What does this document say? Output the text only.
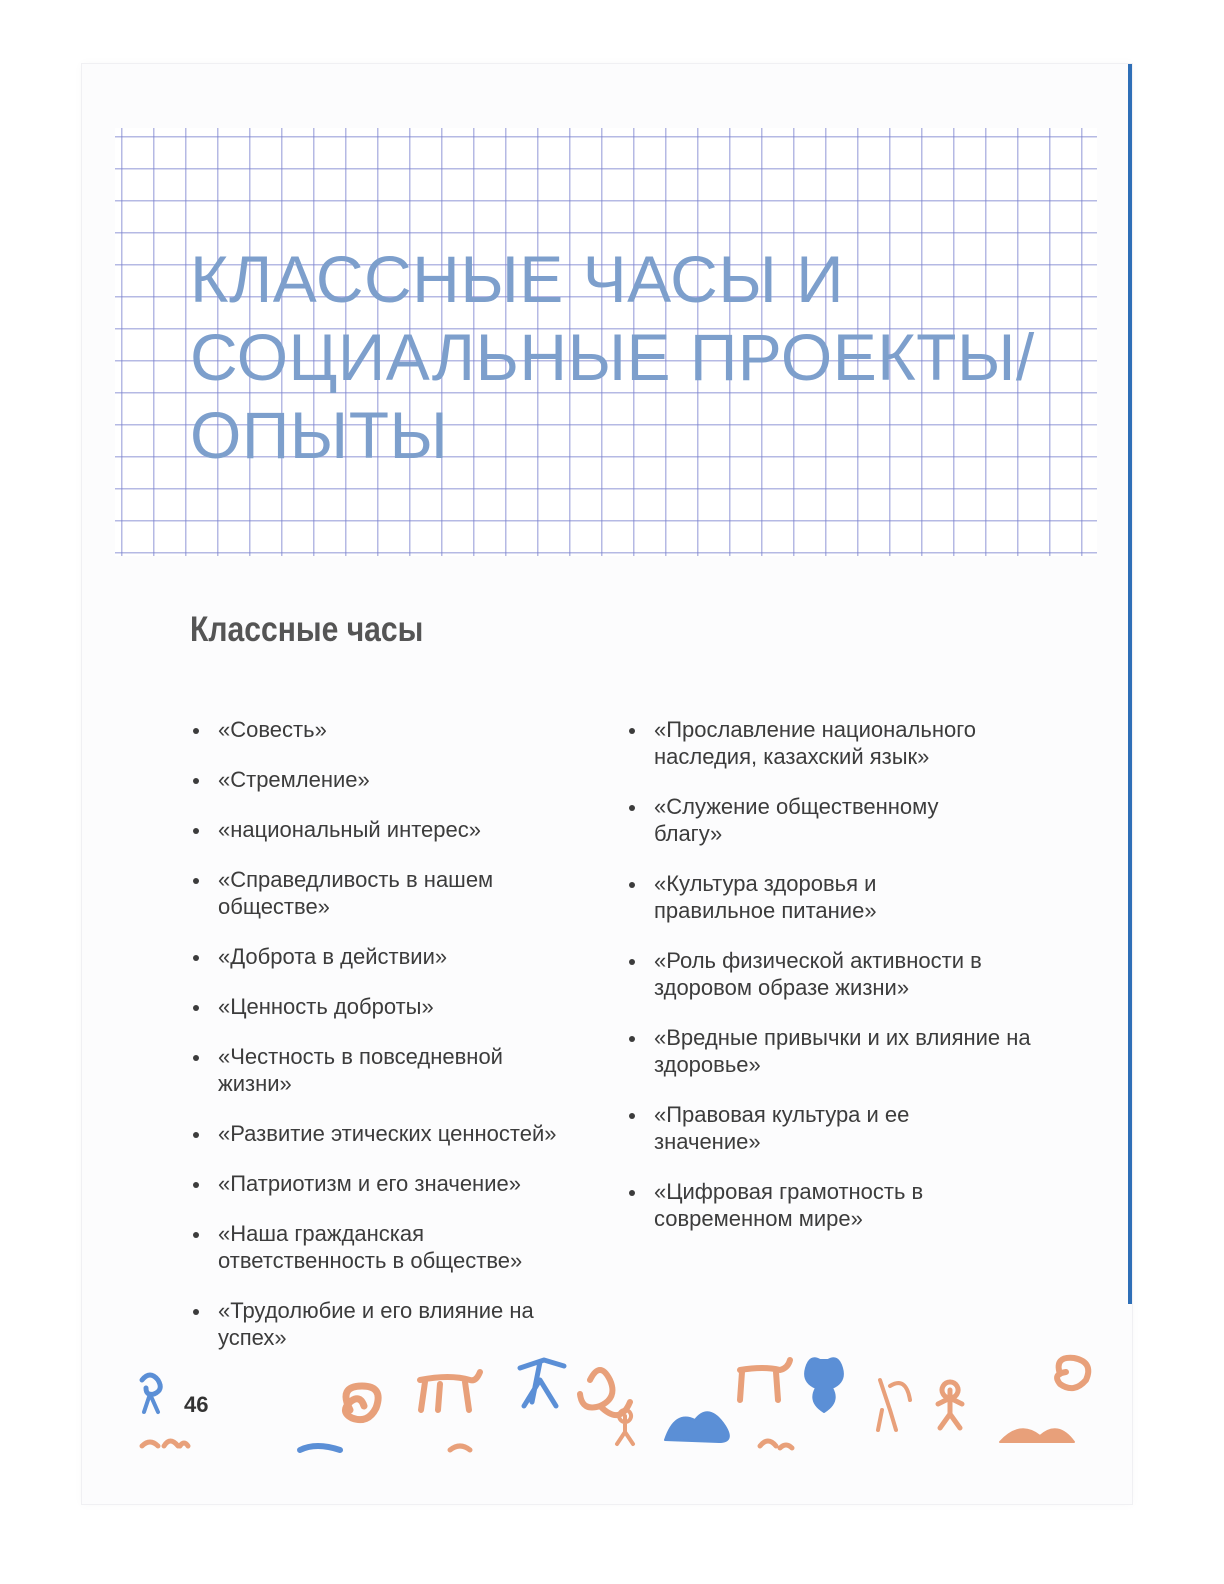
КЛАССНЫЕ ЧАСЫ И
СОЦИАЛЬНЫЕ ПРОЕКТЫ/
ОПЫТЫ
Классные часы
«Совесть»
«Стремление»
«национальный интерес»
«Справедливость в нашем обществе»
«Доброта в действии»
«Ценность доброты»
«Честность в повседневной жизни»
«Развитие этических ценностей»
«Патриотизм и его значение»
«Наша гражданская ответственность в обществе»
«Трудолюбие и его влияние на успех»
«Прославление национального наследия, казахский язык»
«Служение общественному благу»
«Культура здоровья и правильное питание»
«Роль физической активности в здоровом образе жизни»
«Вредные привычки и их влияние на здоровье»
«Правовая культура и ее значение»
«Цифровая грамотность в современном мире»
46
